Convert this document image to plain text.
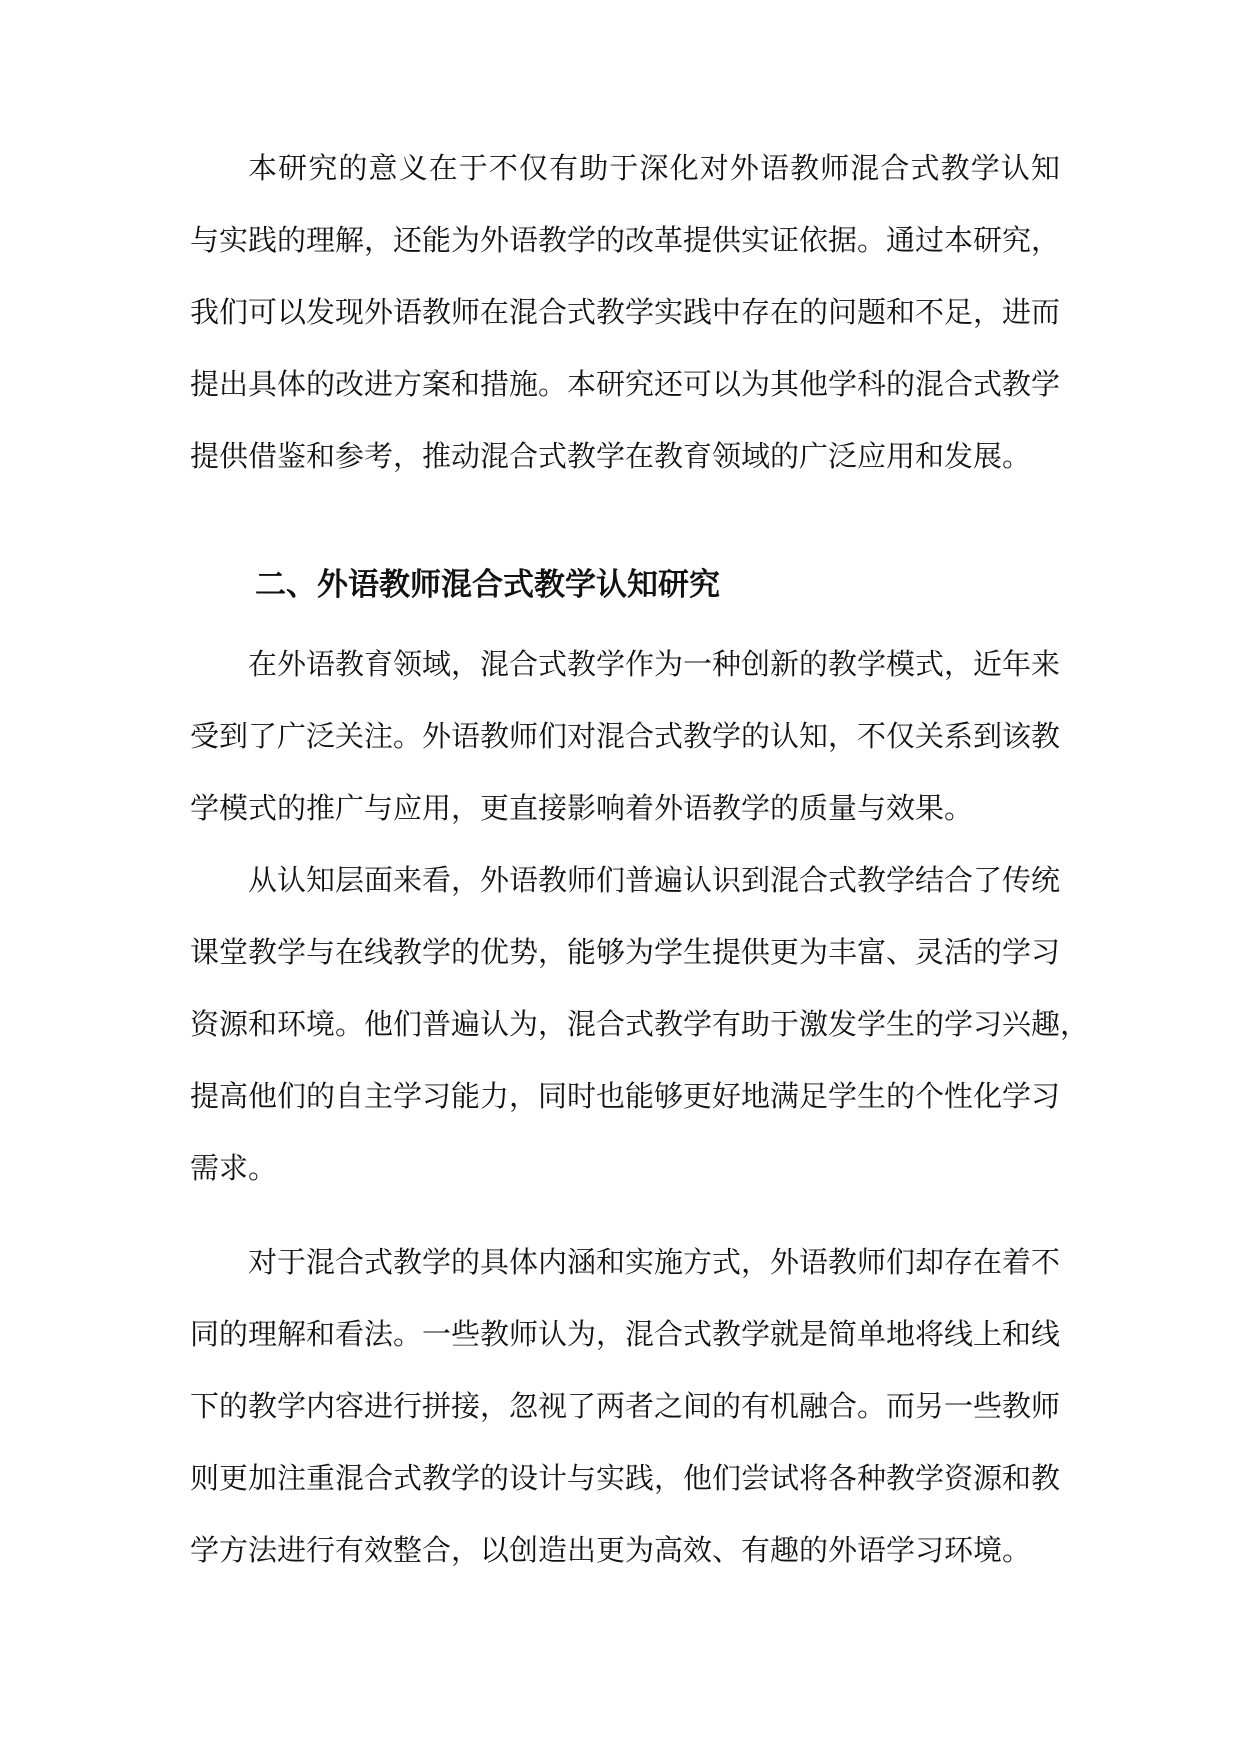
本研究的意义在于不仅有助于深化对外语教师混合式教学认知
与实践的理解，还能为外语教学的改革提供实证依据。通过本研究，
我们可以发现外语教师在混合式教学实践中存在的问题和不足，进而
提出具体的改进方案和措施。本研究还可以为其他学科的混合式教学
提供借鉴和参考，推动混合式教学在教育领域的广泛应用和发展。
二、外语教师混合式教学认知研究
在外语教育领域，混合式教学作为一种创新的教学模式，近年来
受到了广泛关注。外语教师们对混合式教学的认知，不仅关系到该教
学模式的推广与应用，更直接影响着外语教学的质量与效果。
从认知层面来看，外语教师们普遍认识到混合式教学结合了传统
课堂教学与在线教学的优势，能够为学生提供更为丰富、灵活的学习
资源和环境。他们普遍认为，混合式教学有助于激发学生的学习兴趣，
提高他们的自主学习能力，同时也能够更好地满足学生的个性化学习
需求。
对于混合式教学的具体内涵和实施方式，外语教师们却存在着不
同的理解和看法。一些教师认为，混合式教学就是简单地将线上和线
下的教学内容进行拼接，忽视了两者之间的有机融合。而另一些教师
则更加注重混合式教学的设计与实践，他们尝试将各种教学资源和教
学方法进行有效整合，以创造出更为高效、有趣的外语学习环境。
